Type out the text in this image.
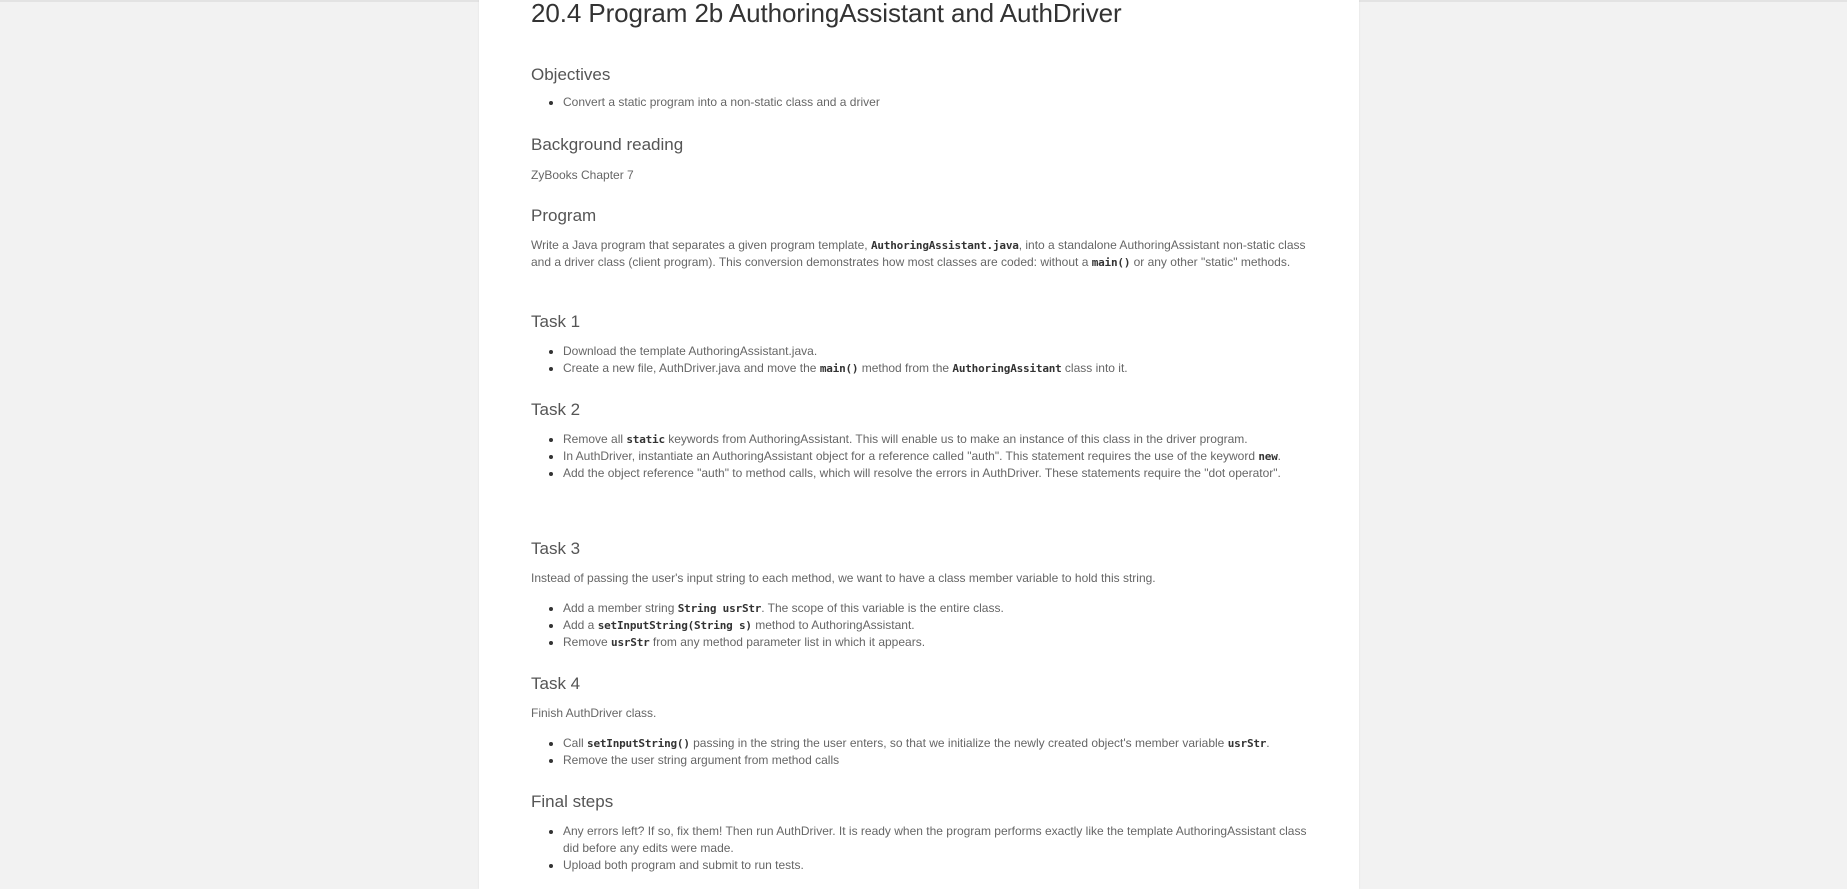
20.4 Program 2b AuthoringAssistant and AuthDriver
Objectives
• Convert a static program into a non-static class and a driver
Background reading

ZyBooks Chapter 7

Program

Write a Java program that separates a given program template, AuthoringAssistant.java, into a standalone AuthoringAssistant non-static class and a driver class (client program). This conversion demonstrates how most classes are coded: without a main() or any other "static" methods.

Task 1
• Download the template AuthoringAssistant.java.
• Create a new file, AuthDriver.java and move the main() method from the AuthoringAssitant class into it.
Task 2
• Remove all static keywords from AuthoringAssistant. This will enable us to make an instance of this class in the driver program.
• In AuthDriver, instantiate an AuthoringAssistant object for a reference called "auth". This statement requires the use of the keyword new.
• Add the object reference "auth" to method calls, which will resolve the errors in AuthDriver. These statements require the "dot operator".
Task 3

Instead of passing the user's input string to each method, we want to have a class member variable to hold this string.

• Add a member string String usrStr. The scope of this variable is the entire class.
• Add a setInputString(String s) method to AuthoringAssistant.
• Remove usrStr from any method parameter list in which it appears.
Task 4

Finish AuthDriver class.

• Call setInputString() passing in the string the user enters, so that we initialize the newly created object's member variable usrStr.
• Remove the user string argument from method calls
Final steps
• Any errors left? If so, fix them! Then run AuthDriver. It is ready when the program performs exactly like the template AuthoringAssistant class did before any edits were made.
• Upload both program and submit to run tests.
